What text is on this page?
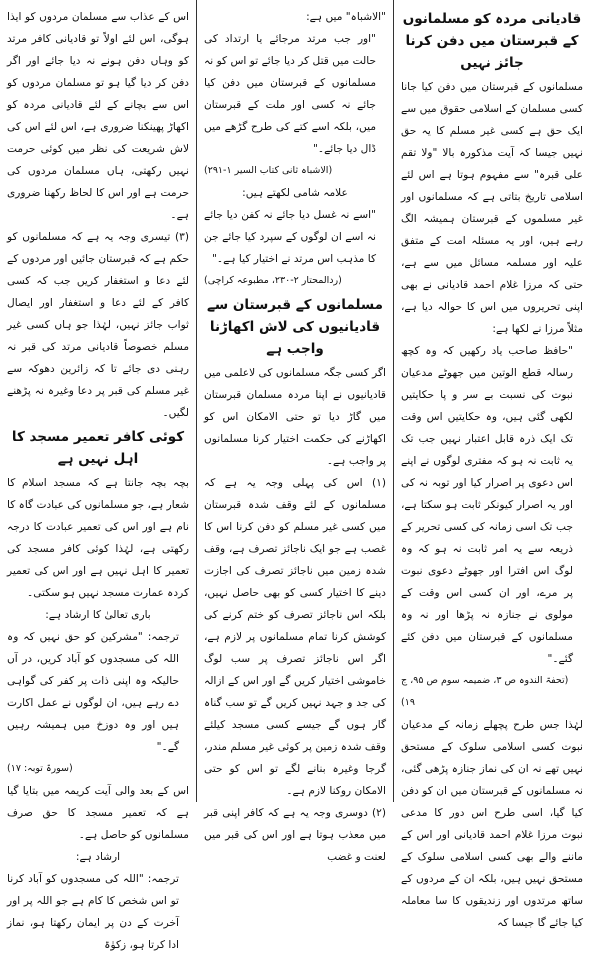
قادیانی مردہ کو مسلمانوں کے قبرستان میں دفن کرنا جائز نہیں

مسلمانوں کے قبرستان میں دفن کیا جانا کسی مسلمان کے اسلامی حقوق میں سے ایک حق ہے کسی غیر مسلم کا یہ حق نہیں جیسا کہ آیت مذکورہ بالا "ولا تقم علی قبرہ" سے مفہوم ہوتا ہے اس لئے اسلامی تاریخ بتاتی ہے کہ مسلمانوں اور غیر مسلموں کے قبرستان ہمیشہ الگ رہے ہیں، اور یہ مسئلہ امت کے متفق علیہ اور مسلمہ مسائل میں سے ہے، حتی کہ مرزا غلام احمد قادیانی نے بھی اپنی تحریروں میں اس کا حوالہ دیا ہے، مثلاً مرزا نے لکھا ہے:

"حافظ صاحب یاد رکھیں کہ وہ کچھ رسالہ قطع الوتین میں جھوٹے مدعیان نبوت کی نسبت بے سر و پا حکایتیں لکھی گئی ہیں، وہ حکایتیں اس وقت تک ایک ذرہ قابل اعتبار نہیں جب تک یہ ثابت نہ ہو کہ مفتری لوگوں نے اپنے اس دعوی پر اصرار کیا اور توبہ نہ کی اور یہ اصرار کیونکر ثابت ہو سکتا ہے، جب تک اسی زمانہ کی کسی تحریر کے ذریعہ سے یہ امر ثابت نہ ہو کہ وہ لوگ اس افترا اور جھوٹے دعوی نبوت پر مرے، اور ان کسی اس وقت کے مولوی نے جنازہ نہ پڑھا اور نہ وہ مسلمانوں کے قبرستان میں دفن کئے گئے۔"

(تحفۃ الندوہ ص ۳، ضمیمہ سوم ص ۹۵، ج ۱۹)

لہٰذا جس طرح پچھلے زمانہ کے مدعیان نبوت کسی اسلامی سلوک کے مستحق نہیں تھے نہ ان کی نماز جنازہ پڑھی گئی، نہ مسلمانوں کے قبرستان میں ان کو دفن کیا گیا، اسی طرح اس دور کا مدعی نبوت مرزا غلام احمد قادیانی اور اس کے ماننے والے بھی کسی اسلامی سلوک کے مستحق نہیں ہیں، بلکہ ان کے مردوں کے ساتھ مرتدوں اور زندیقوں کا سا معاملہ کیا جائے گا جیسا کہ

"الاشباہ" میں ہے:

"اور جب مرتد مرجائے یا ارتداد کی حالت میں قتل کر دیا جائے تو اس کو نہ مسلمانوں کے قبرستان میں دفن کیا جائے نہ کسی اور ملت کے قبرستان میں، بلکہ اسے کتے کی طرح گڑھے میں ڈال دیا جائے۔"

(الاشباہ ثانی کتاب السیر ۱-۲۹۱)

علامہ شامی لکھتے ہیں:

"اسے نہ غسل دیا جائے نہ کفن دیا جائے نہ اسے ان لوگوں کے سپرد کیا جائے جن کا مذہب اس مرتد نے اختیار کیا ہے۔"

(ردالمحتار ۲-۲۳۰، مطبوعہ کراچی)

مسلمانوں کے قبرستان سے قادیانیوں کی لاش اکھاڑنا واجب ہے

اگر کسی جگہ مسلمانوں کی لاعلمی میں قادیانیوں نے اپنا مردہ مسلمان قبرستان میں گاڑ دیا تو حتی الامکان اس کو اکھاڑنے کی حکمت اختیار کرنا مسلمانوں پر واجب ہے۔

(۱) اس کی پہلی وجہ یہ ہے کہ مسلمانوں کے لئے وقف شدہ قبرستان میں کسی غیر مسلم کو دفن کرنا اس کا غصب ہے جو ایک ناجائز تصرف ہے، وقف شدہ زمین میں ناجائز تصرف کی اجازت دینے کا اختیار کسی کو بھی حاصل نہیں، بلکہ اس ناجائز تصرف کو ختم کرنے کی کوشش کرنا تمام مسلمانوں پر لازم ہے، اگر اس ناجائز تصرف پر سب لوگ خاموشی اختیار کریں گے اور اس کے ازالہ کی جد و جہد نہیں کریں گے تو سب گناہ گار ہوں گے جیسے کسی مسجد کیلئے وقف شدہ زمین پر کوئی غیر مسلم مندر، گرجا وغیرہ بنانے لگے تو اس کو حتی الامکان روکنا لازم ہے۔

(۲) دوسری وجہ یہ ہے کہ کافر اپنی قبر میں معذب ہوتا ہے اور اس کی قبر میں لعنت و غضب

اس کے عذاب سے مسلمان مردوں کو ایذا ہوگی، اس لئے اولاً تو قادیانی کافر مرتد کو وہاں دفن ہونے نہ دیا جائے اور اگر دفن کر دیا گیا ہو تو مسلمان مردوں کو اس سے بچانے کے لئے قادیانی مردہ کو اکھاڑ پھینکنا ضروری ہے، اس لئے اس کی لاش شریعت کی نظر میں کوئی حرمت نہیں رکھتی، ہاں مسلمان مردوں کی حرمت ہے اور اس کا لحاظ رکھنا ضروری ہے۔

(۳) تیسری وجہ یہ ہے کہ مسلمانوں کو حکم ہے کہ قبرستان جائیں اور مردوں کے لئے دعا و استغفار کریں جب کہ کسی کافر کے لئے دعا و استغفار اور ایصال ثواب جائز نہیں، لہٰذا جو ہاں کسی غیر مسلم خصوصاً قادیانی مرتد کی قبر نہ رہنی دی جائے تا کہ زائرین دھوکہ سے غیر مسلم کی قبر پر دعا وغیرہ نہ پڑھنے لگیں۔

کوئی کافر تعمیر مسجد کا اہل نہیں ہے

بچہ بچہ جانتا ہے کہ مسجد اسلام کا شعار ہے، جو مسلمانوں کی عبادت گاہ کا نام ہے اور اس کی تعمیر عبادت کا درجہ رکھتی ہے، لہٰذا کوئی کافر مسجد کی تعمیر کا اہل نہیں ہے اور اس کی تعمیر کردہ عمارت مسجد نہیں ہو سکتی۔

باری تعالیٰ کا ارشاد ہے:

ترجمہ: "مشرکین کو حق نہیں کہ وہ اللہ کی مسجدوں کو آباد کریں، در آں حالیکہ وہ اپنی ذات پر کفر کی گواہی دے رہے ہیں، ان لوگوں نے عمل اکارت ہیں اور وہ دوزخ میں ہمیشہ رہیں گے۔"

(سورۃ توبہ: ۱۷)

اس کے بعد والی آیت کریمہ میں بتایا گیا ہے کہ تعمیر مسجد کا حق صرف مسلمانوں کو حاصل ہے۔

ارشاد ہے:

ترجمہ: "اللہ کی مسجدوں کو آباد کرنا تو اس شخص کا کام ہے جو اللہ پر اور آخرت کے دن پر ایمان رکھتا ہو، نماز ادا کرتا ہو، زکوٰۃ
